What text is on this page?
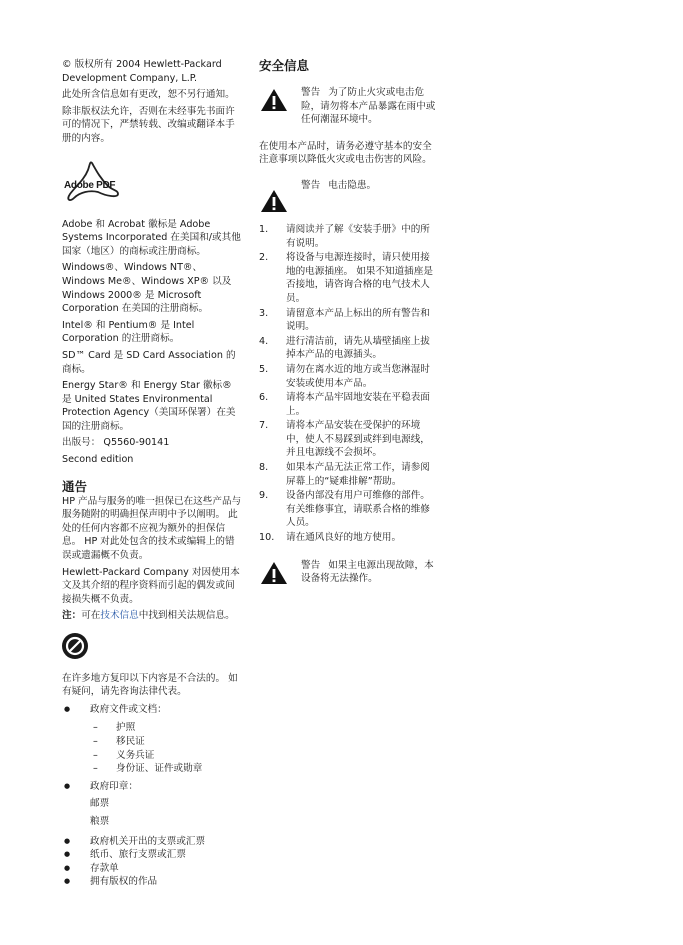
© 版权所有 2004 Hewlett-Packard Development Company, L.P.

此处所含信息如有更改，恕不另行通知。

除非版权法允许，否则在未经事先书面许可的情况下，严禁转载、改编或翻译本手册的内容。

Adobe PDF

Adobe 和 Acrobat 徽标是 Adobe Systems Incorporated 在美国和/或其他国家（地区）的商标或注册商标。

Windows®、Windows NT®、Windows Me®、Windows XP® 以及 Windows 2000® 是 Microsoft Corporation 在美国的注册商标。

Intel® 和 Pentium® 是 Intel Corporation 的注册商标。

SD™ Card 是 SD Card Association 的商标。

Energy Star® 和 Energy Star 徽标® 是 United States Environmental Protection Agency（美国环保署）在美国的注册商标。

出版号： Q5560-90141

Second edition

通告

HP 产品与服务的唯一担保已在这些产品与服务随附的明确担保声明中予以阐明。 此处的任何内容都不应视为额外的担保信息。 HP 对此处包含的技术或编辑上的错误或遗漏概不负责。

Hewlett-Packard Company 对因使用本文及其介绍的程序资料而引起的偶发或间接损失概不负责。

注：可在技术信息中找到相关法规信息。

在许多地方复印以下内容是不合法的。 如有疑问，请先咨询法律代表。

● 政府文件或文档：
– 护照
– 移民证
– 义务兵证
– 身份证、证件或勋章
● 政府印章：

邮票

粮票

● 政府机关开出的支票或汇票
● 纸币、旅行支票或汇票
● 存款单
● 拥有版权的作品
安全信息
警告 为了防止火灾或电击危险，请勿将本产品暴露在雨中或任何潮湿环境中。

在使用本产品时，请务必遵守基本的安全注意事项以降低火灾或电击伤害的风险。

警告 电击隐患。
1. 请阅读并了解《安装手册》中的所有说明。
2. 将设备与电源连接时，请只使用接地的电源插座。 如果不知道插座是否接地，请咨询合格的电气技术人员。
3. 请留意本产品上标出的所有警告和说明。
4. 进行清洁前，请先从墙壁插座上拔掉本产品的电源插头。
5. 请勿在离水近的地方或当您淋湿时安装或使用本产品。
6. 请将本产品牢固地安装在平稳表面上。
7. 请将本产品安装在受保护的环境中，使人不易踩到或绊到电源线，并且电源线不会损坏。
8. 如果本产品无法正常工作，请参阅屏幕上的“疑难排解”帮助。
9. 设备内部没有用户可维修的部件。 有关维修事宜，请联系合格的维修人员。
10. 请在通风良好的地方使用。
警告 如果主电源出现故障，本设备将无法操作。
